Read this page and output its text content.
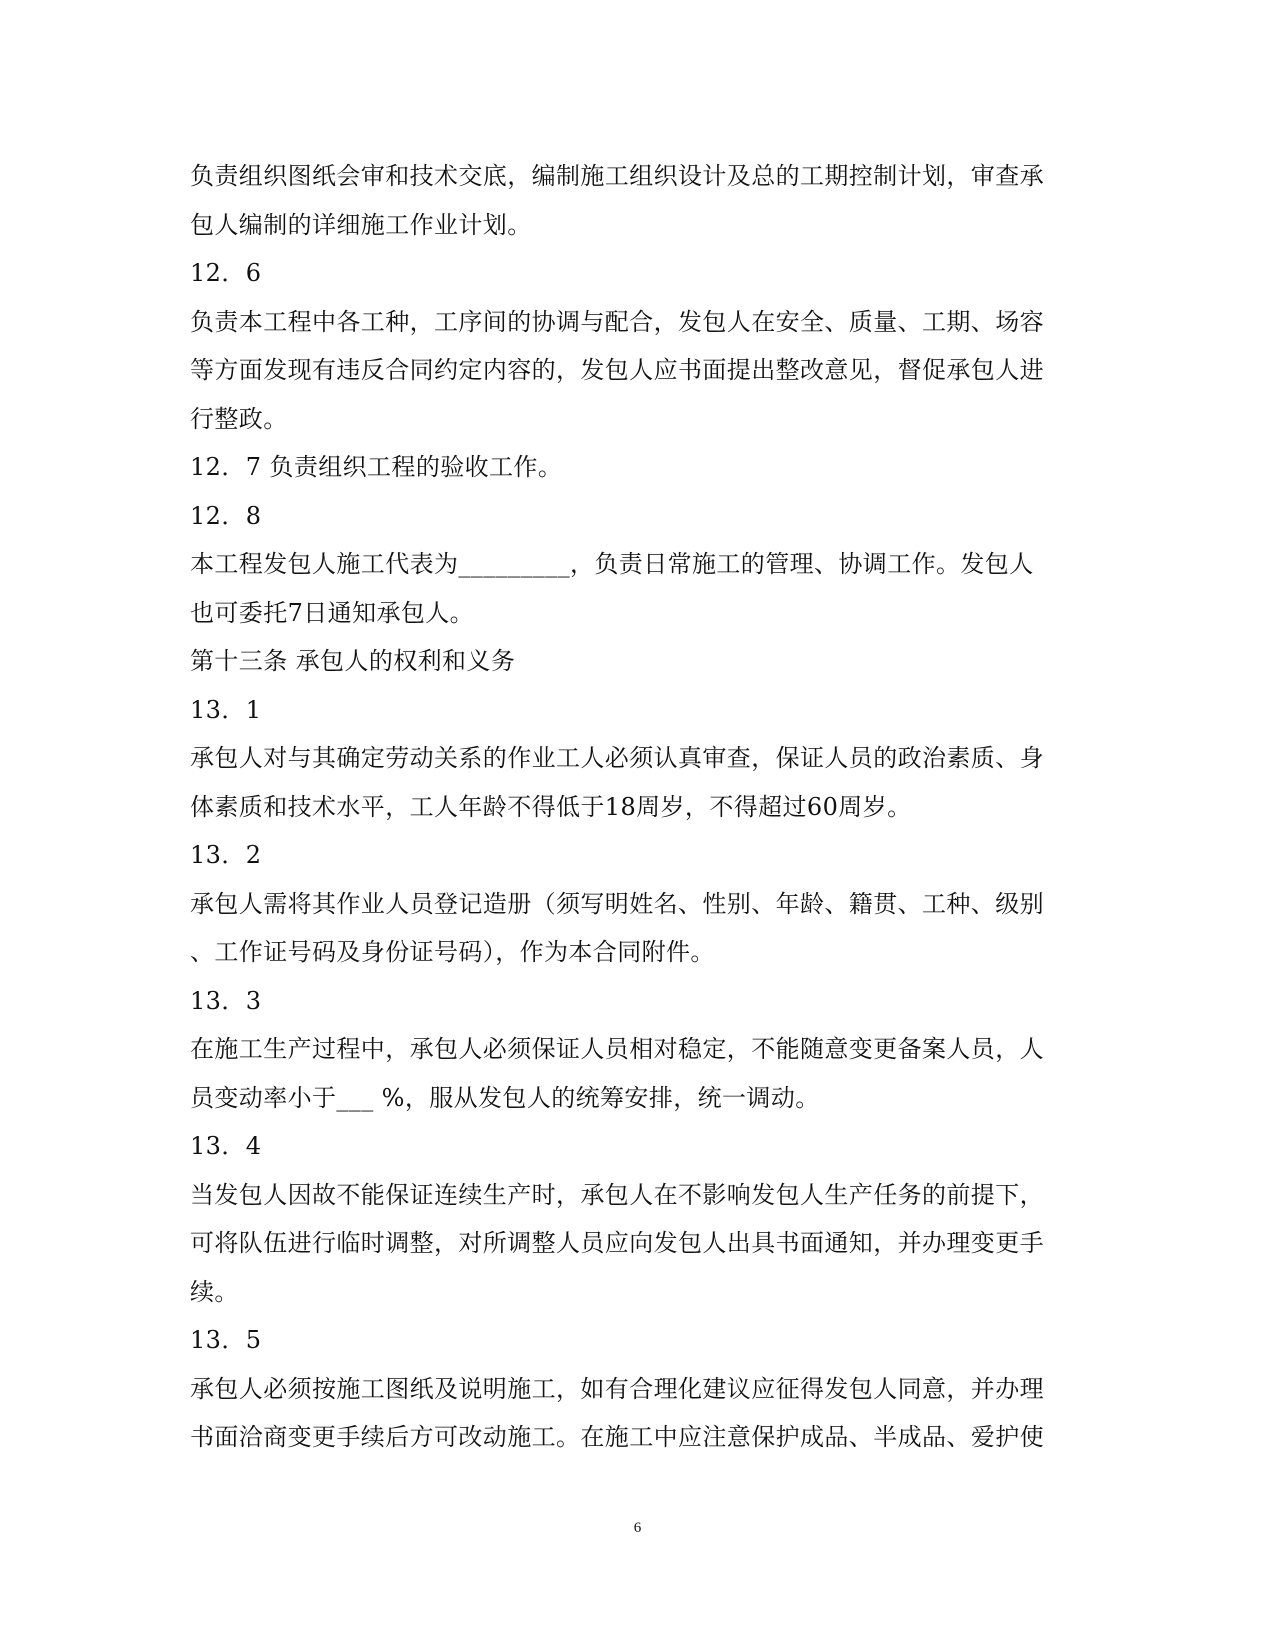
负责组织图纸会审和技术交底，编制施工组织设计及总的工期控制计划，审查承
包人编制的详细施工作业计划。
12．6
负责本工程中各工种，工序间的协调与配合，发包人在安全、质量、工期、场容
等方面发现有违反合同约定内容的，发包人应书面提出整改意见，督促承包人进
行整政。
12．7 负责组织工程的验收工作。
12．8
本工程发包人施工代表为_________，负责日常施工的管理、协调工作。发包人
也可委托7日通知承包人。
第十三条 承包人的权利和义务
13．1
承包人对与其确定劳动关系的作业工人必须认真审查，保证人员的政治素质、身
体素质和技术水平，工人年龄不得低于18周岁，不得超过60周岁。
13．2
承包人需将其作业人员登记造册（须写明姓名、性别、年龄、籍贯、工种、级别
、工作证号码及身份证号码），作为本合同附件。
13．3
在施工生产过程中，承包人必须保证人员相对稳定，不能随意变更备案人员，人
员变动率小于___ %，服从发包人的统筹安排，统一调动。
13．4
当发包人因故不能保证连续生产时，承包人在不影响发包人生产任务的前提下，
可将队伍进行临时调整，对所调整人员应向发包人出具书面通知，并办理变更手
续。
13．5
承包人必须按施工图纸及说明施工，如有合理化建议应征得发包人同意，并办理
书面洽商变更手续后方可改动施工。在施工中应注意保护成品、半成品、爱护使
6
